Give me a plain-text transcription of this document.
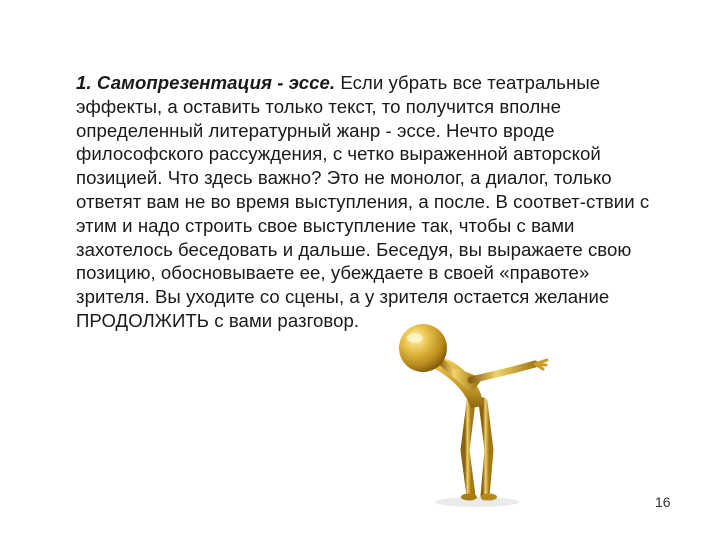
1. Самопрезентация - эссе. Если убрать все театральные
эффекты, а оставить только текст, то получится вполне
определенный литературный жанр - эссе. Нечто вроде
философского рассуждения, с четко выраженной авторской
позицией. Что здесь важно? Это не монолог, а диалог, только
ответят вам не во время выступления, а после. В соответ-ствии с
этим и надо строить свое выступление так, чтобы с вами
захотелось беседовать и дальше. Беседуя, вы выражаете свою
позицию, обосновываете ее, убеждаете в своей «правоте»
зрителя. Вы уходите со сцены, а у зрителя остается желание
ПРОДОЛЖИТЬ с вами разговор.
16
